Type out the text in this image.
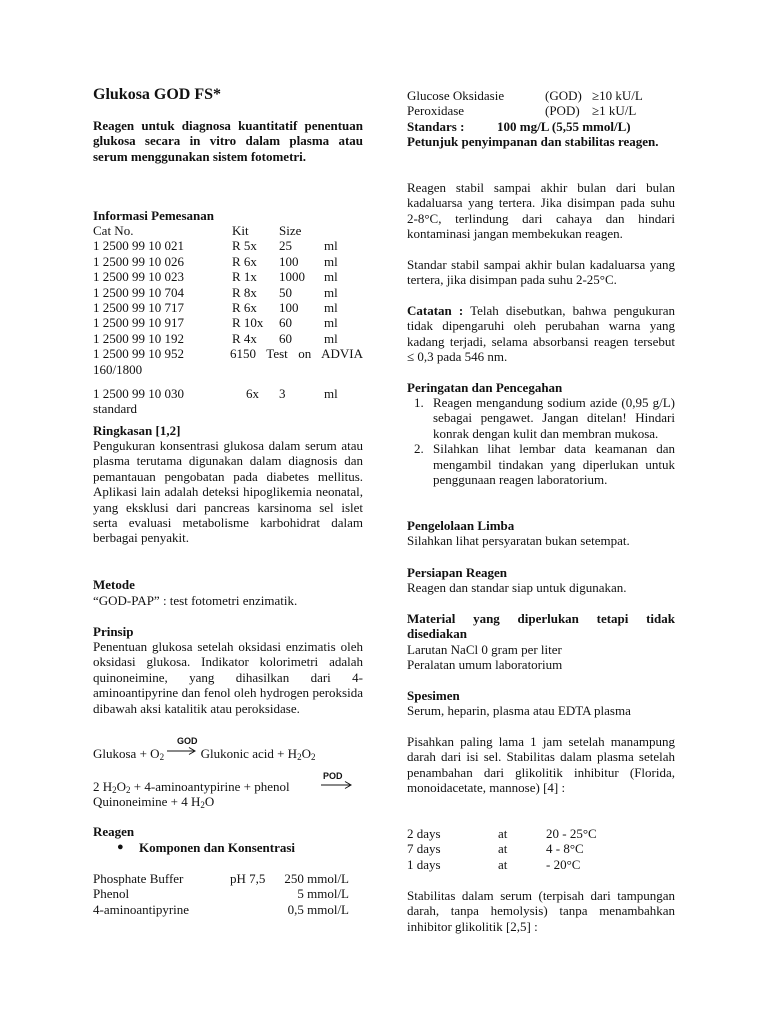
Glukosa GOD FS*
Reagen untuk diagnosa kuantitatif penentuan glukosa secara in vitro dalam plasma atau serum menggunakan sistem fotometri.
Informasi Pemesanan
Cat No.	Kit Size
1 2500 99 10 021	R 5x 25 ml
1 2500 99 10 026	R 6x 100 ml
1 2500 99 10 023	R 1x 1000 ml
1 2500 99 10 704	R 8x 50 ml
1 2500 99 10 717	R 6x 100 ml
1 2500 99 10 917	R 10x 60 ml
1 2500 99 10 192	R 4x 60 ml
1 2500 99 10 952	6150 Test on ADVIA
160/1800
1 2500 99 10 030	6x 3	ml
standard
Ringkasan [1,2]
Pengukuran konsentrasi glukosa dalam serum atau plasma terutama digunakan dalam diagnosis dan pemantauan pengobatan pada diabetes mellitus. Aplikasi lain adalah deteksi hipoglikemia neonatal, yang eksklusi dari pancreas karsinoma sel islet serta evaluasi metabolisme karbohidrat dalam berbagai penyakit.
Metode
“GOD-PAP” : test fotometri enzimatik.
Prinsip
Penentuan glukosa setelah oksidasi enzimatis oleh oksidasi glukosa. Indikator kolorimetri adalah quinoneimine, yang dihasilkan dari 4-aminoantipyrine dan fenol oleh hydrogen peroksida dibawah aksi katalitik atau peroksidase.
GOD
Glukosa + $O_2$ → Glukonic acid + $H_2O_2$
POD
2 $H_2O_2$ + 4-aminoantypirine + phenol
Quinoneimine + 4 $H_2O$
Reagen
● Komponen dan Konsentrasi
Phosphate Buffer	pH 7,5 250 mmol/L
Phenol	5 mmol/L
4-aminoantipyrine	0,5 mmol/L
Glucose Oksidasie	(GOD) ≥10 kU/L
Peroxidase	(POD) ≥1 kU/L
Standars :	100 mg/L (5,55 mmol/L)
Petunjuk penyimpanan dan stabilitas reagen.
Reagen stabil sampai akhir bulan dari bulan kadaluarsa yang tertera. Jika disimpan pada suhu 2-8°C, terlindung dari cahaya dan hindari kontaminasi jangan membekukan reagen.
Standar stabil sampai akhir bulan kadaluarsa yang tertera, jika disimpan pada suhu 2-25°C.
Catatan : Telah disebutkan, bahwa pengukuran tidak dipengaruhi oleh perubahan warna yang kadang terjadi, selama absorbansi reagen tersebut ≤ 0,3 pada 546 nm.
Peringatan dan Pencegahan
1. Reagen mengandung sodium azide (0,95 g/L) sebagai pengawet. Jangan ditelan! Hindari konrak dengan kulit dan membran mukosa.
2. Silahkan lihat lembar data keamanan dan mengambil tindakan yang diperlukan untuk penggunaan reagen laboratorium.
Pengelolaan Limba
Silahkan lihat persyaratan bukan setempat.
Persiapan Reagen
Reagen dan standar siap untuk digunakan.
Material yang diperlukan tetapi tidak disediakan
Larutan NaCl 0 gram per liter
Peralatan umum laboratorium
Spesimen
Serum, heparin, plasma atau EDTA plasma
Pisahkan paling lama 1 jam setelah manampung darah dari isi sel. Stabilitas dalam plasma setelah penambahan dari glikolitik inhibitur (Florida, monoidacetate, mannose) [4] :
2 days	at	20 - 25°C
7 days	at	4 - 8°C
1 days	at	- 20°C
Stabilitas dalam serum (terpisah dari tampungan darah, tanpa hemolysis) tanpa menambahkan inhibitor glikolitik [2,5] :
